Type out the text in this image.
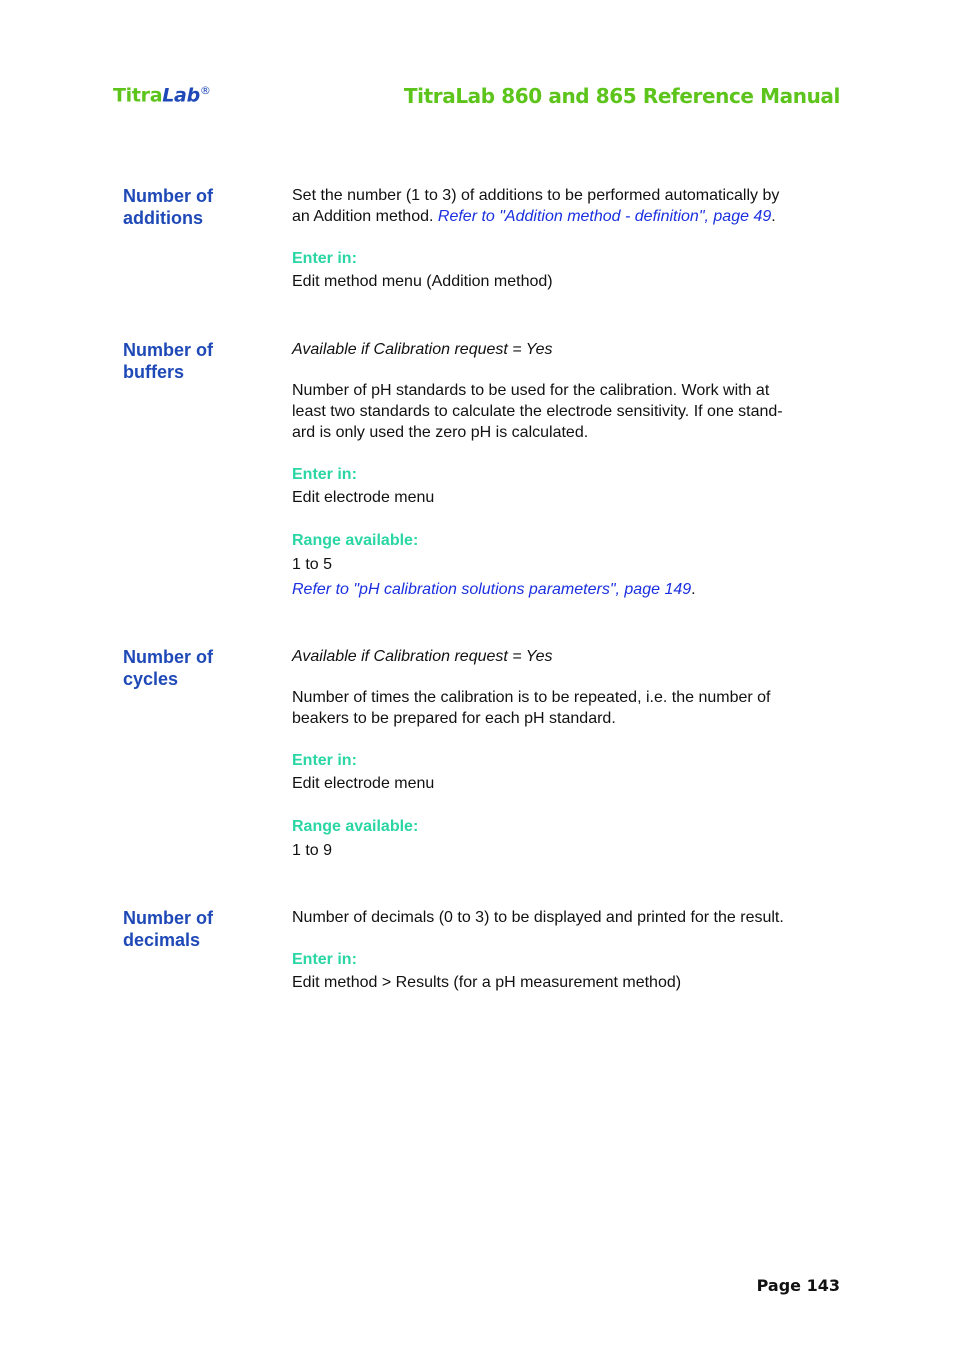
TitraLab®	TitraLab 860 and 865 Reference Manual
Number of
additions

Set the number (1 to 3) of additions to be performed automatically by

an Addition method. Refer to "Addition method - definition", page 49.

Enter in:

Edit method menu (Addition method)

Number of
buffers

Available if Calibration request = Yes

Number of pH standards to be used for the calibration. Work with at

least two standards to calculate the electrode sensitivity. If one stand-

ard is only used the zero pH is calculated.

Enter in:

Edit electrode menu

Range available:

1 to 5

Refer to "pH calibration solutions parameters", page 149.

Number of
cycles

Available if Calibration request = Yes

Number of times the calibration is to be repeated, i.e. the number of

beakers to be prepared for each pH standard.

Enter in:

Edit electrode menu

Range available:

1 to 9

Number of
decimals

Number of decimals (0 to 3) to be displayed and printed for the result.

Enter in:

Edit method > Results (for a pH measurement method)

Page 143
